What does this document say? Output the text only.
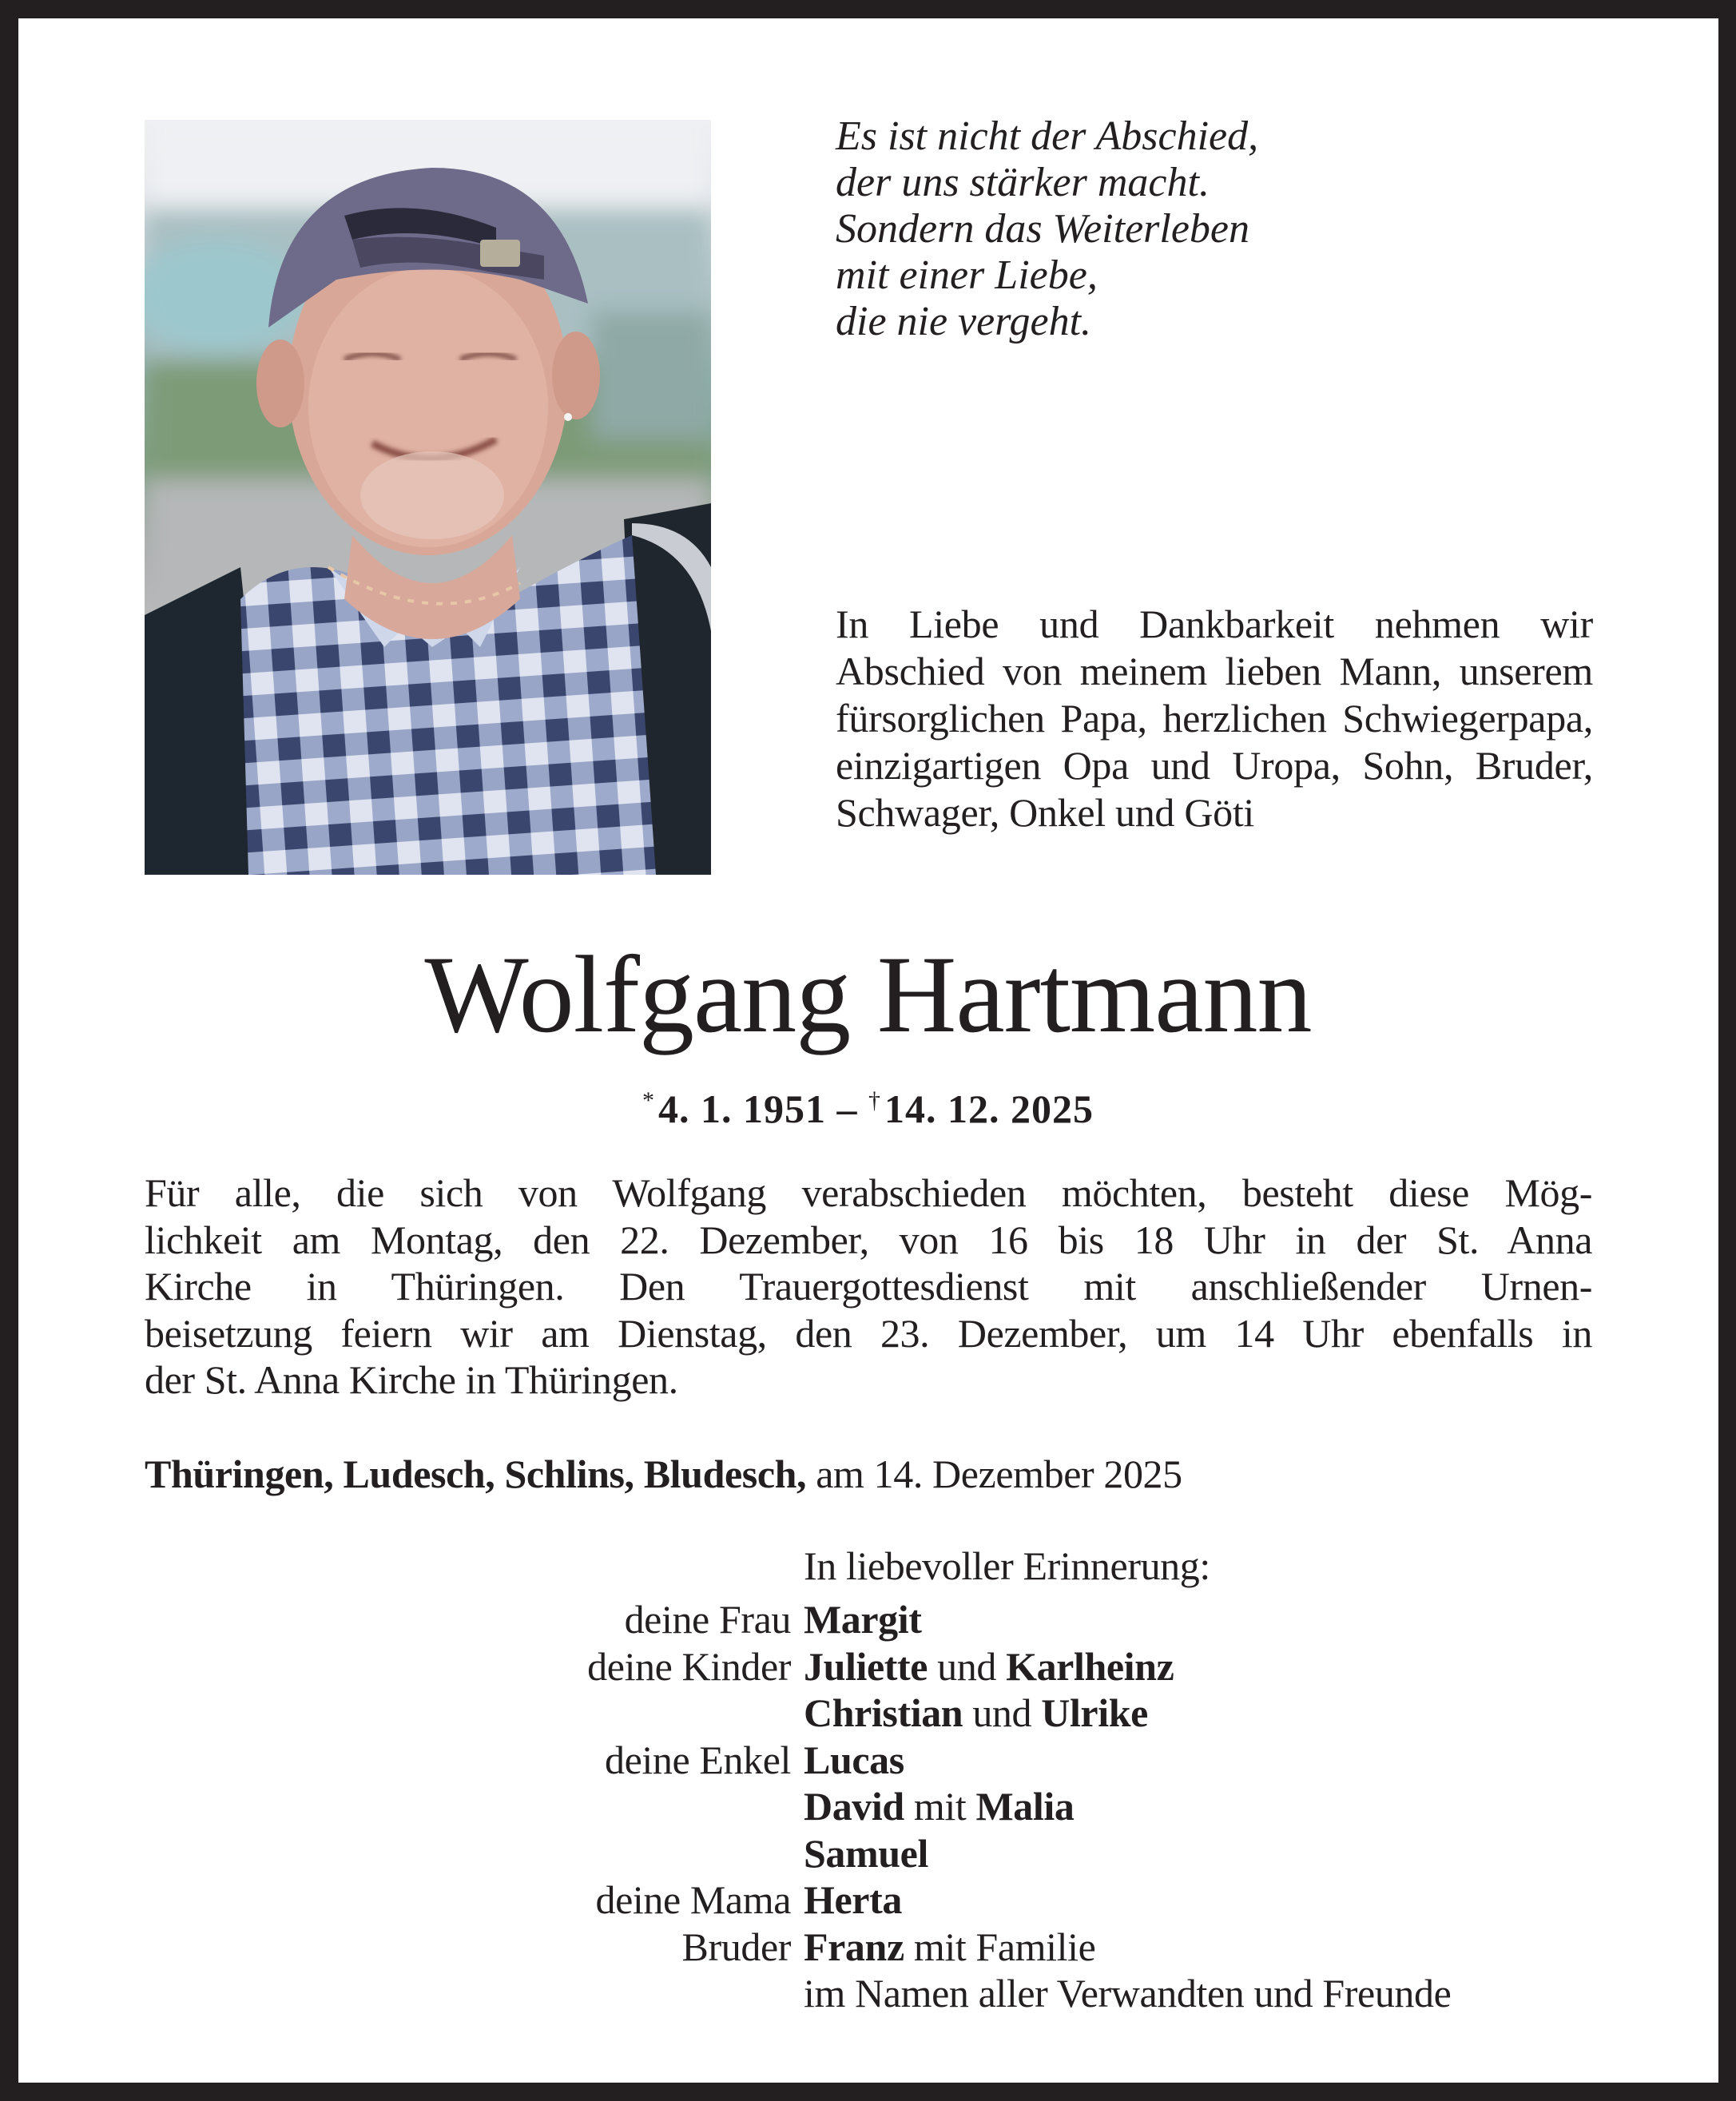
Es ist nicht der Abschied,
der uns stärker macht.
Sondern das Weiterleben
mit einer Liebe,
die nie vergeht.

In Liebe und Dankbarkeit nehmen wir Abschied von meinem lieben Mann, unserem fürsorglichen Papa, herzlichen Schwiegerpapa, einzigartigen Opa und Uropa, Sohn, Bruder, Schwager, Onkel und Göti

Wolfgang Hartmann
*4. 1. 1951 – †14. 12. 2025
Für alle, die sich von Wolfgang verabschieden möchten, besteht diese Mög-
lichkeit am Montag, den 22. Dezember, von 16 bis 18 Uhr in der St. Anna
Kirche in Thüringen. Den Trauergottesdienst mit anschließender Urnen-
beisetzung feiern wir am Dienstag, den 23. Dezember, um 14 Uhr ebenfalls in
der St. Anna Kirche in Thüringen.
Thüringen, Ludesch, Schlins, Bludesch, am 14. Dezember 2025
In liebevoller Erinnerung:
deine Frau Margit
deine Kinder Juliette und Karlheinz
Christian und Ulrike
deine Enkel Lucas
David mit Malia
Samuel
deine Mama Herta
Bruder Franz mit Familie
im Namen aller Verwandten und Freunde
